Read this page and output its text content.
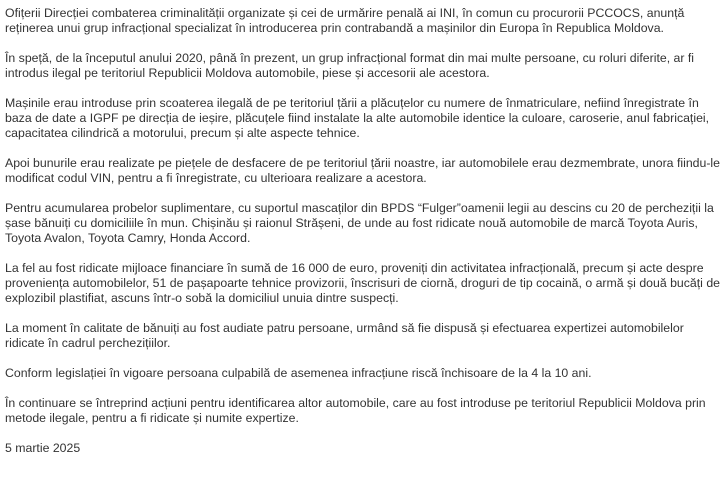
Ofițerii Direcției combaterea criminalității organizate și cei de urmărire penală ai INI, în comun cu procurorii PCCOCS, anunță reținerea unui grup infracțional specializat în introducerea prin contrabandă a mașinilor din Europa în Republica Moldova.

În speță, de la începutul anului 2020, până în prezent, un grup infracțional format din mai multe persoane, cu roluri diferite, ar fi introdus ilegal pe teritoriul Republicii Moldova automobile, piese și accesorii ale acestora.

Mașinile erau introduse prin scoaterea ilegală de pe teritoriul țării a plăcuțelor cu numere de înmatriculare, nefiind înregistrate în baza de date a IGPF pe direcția de ieșire, plăcuțele fiind instalate la alte automobile identice la culoare, caroserie, anul fabricației, capacitatea cilindrică a motorului, precum și alte aspecte tehnice.

Apoi bunurile erau realizate pe piețele de desfacere de pe teritoriul țării noastre, iar automobilele erau dezmembrate, unora fiindu-le modificat codul VIN, pentru a fi înregistrate, cu ulterioara realizare a acestora.

Pentru acumularea probelor suplimentare, cu suportul mascaților din BPDS “Fulger”oamenii legii au descins cu 20 de percheziții la șase bănuiți cu domiciliile în mun. Chișinău și raionul Strășeni, de unde au fost ridicate nouă automobile de marcă Toyota Auris, Toyota Avalon, Toyota Camry, Honda Accord.

La fel au fost ridicate mijloace financiare în sumă de 16 000 de euro, proveniți din activitatea infracțională, precum și acte despre proveniența automobilelor, 51 de pașapoarte tehnice provizorii, înscrisuri de ciornă, droguri de tip cocaină, o armă și două bucăți de explozibil plastifiat, ascuns într-o sobă la domiciliul unuia dintre suspecți.

La moment în calitate de bănuiți au fost audiate patru persoane, urmând să fie dispusă și efectuarea expertizei automobilelor ridicate în cadrul perchezițiilor.

Conform legislației în vigoare persoana culpabilă de asemenea infracțiune riscă închisoare de la 4 la 10 ani.

În continuare se întreprind acțiuni pentru identificarea altor automobile, care au fost introduse pe teritoriul Republicii Moldova prin metode ilegale, pentru a fi ridicate și numite expertize.

5 martie 2025
